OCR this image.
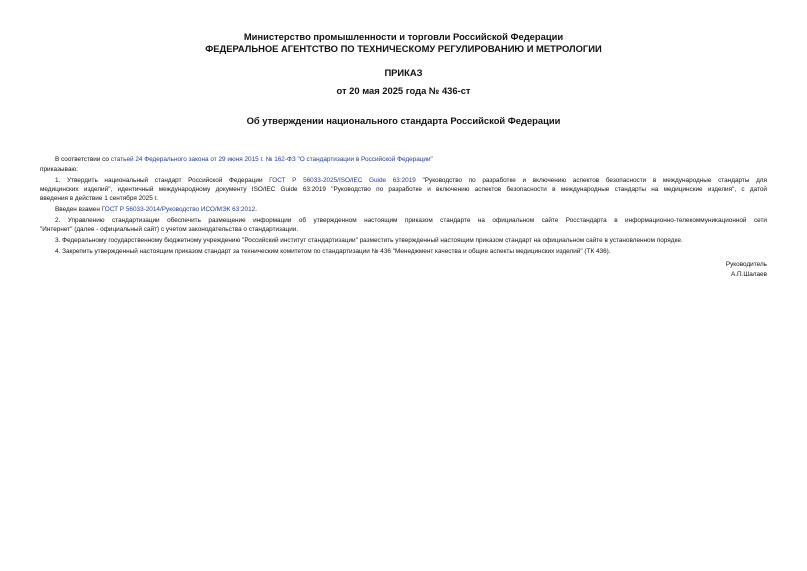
Министерство промышленности и торговли Российской Федерации
ФЕДЕРАЛЬНОЕ АГЕНТСТВО ПО ТЕХНИЧЕСКОМУ РЕГУЛИРОВАНИЮ И МЕТРОЛОГИИ
ПРИКАЗ
от 20 мая 2025 года № 436-ст
Об утверждении национального стандарта Российской Федерации
В соответствии со статьей 24 Федерального закона от 29 июня 2015 г. № 162-ФЗ "О стандартизации в Российской Федерации"
приказываю:
1. Утвердить национальный стандарт Российской Федерации ГОСТ Р 56033-2025/ISO/IEC Guide 63:2019 "Руководство по разработке и включению аспектов безопасности в международные стандарты для
медицинских изделий", идентичный международному документу ISO/IEC Guide 63:2019 "Руководство по разработке и включению аспектов безопасности в международные стандарты на медицинские изделия", с датой
введения в действие 1 сентября 2025 г.
Введен взамен ГОСТ Р 56033-2014/Руководство ИСО/МЭК 63:2012.
2. Управлению стандартизации обеспечить размещение информации об утвержденном настоящим приказом стандарте на официальном сайте Росстандарта в информационно-телекоммуникационной сети
"Интернет" (далее - официальный сайт) с учетом законодательства о стандартизации.
3. Федеральному государственному бюджетному учреждению "Российский институт стандартизации" разместить утвержденный настоящим приказом стандарт на официальном сайте в установленном порядке.
4. Закрепить утвержденный настоящим приказом стандарт за техническим комитетом по стандартизации № 436 "Менеджмент качества и общие аспекты медицинских изделий" (ТК 436).
Руководитель
А.П.Шалаев
